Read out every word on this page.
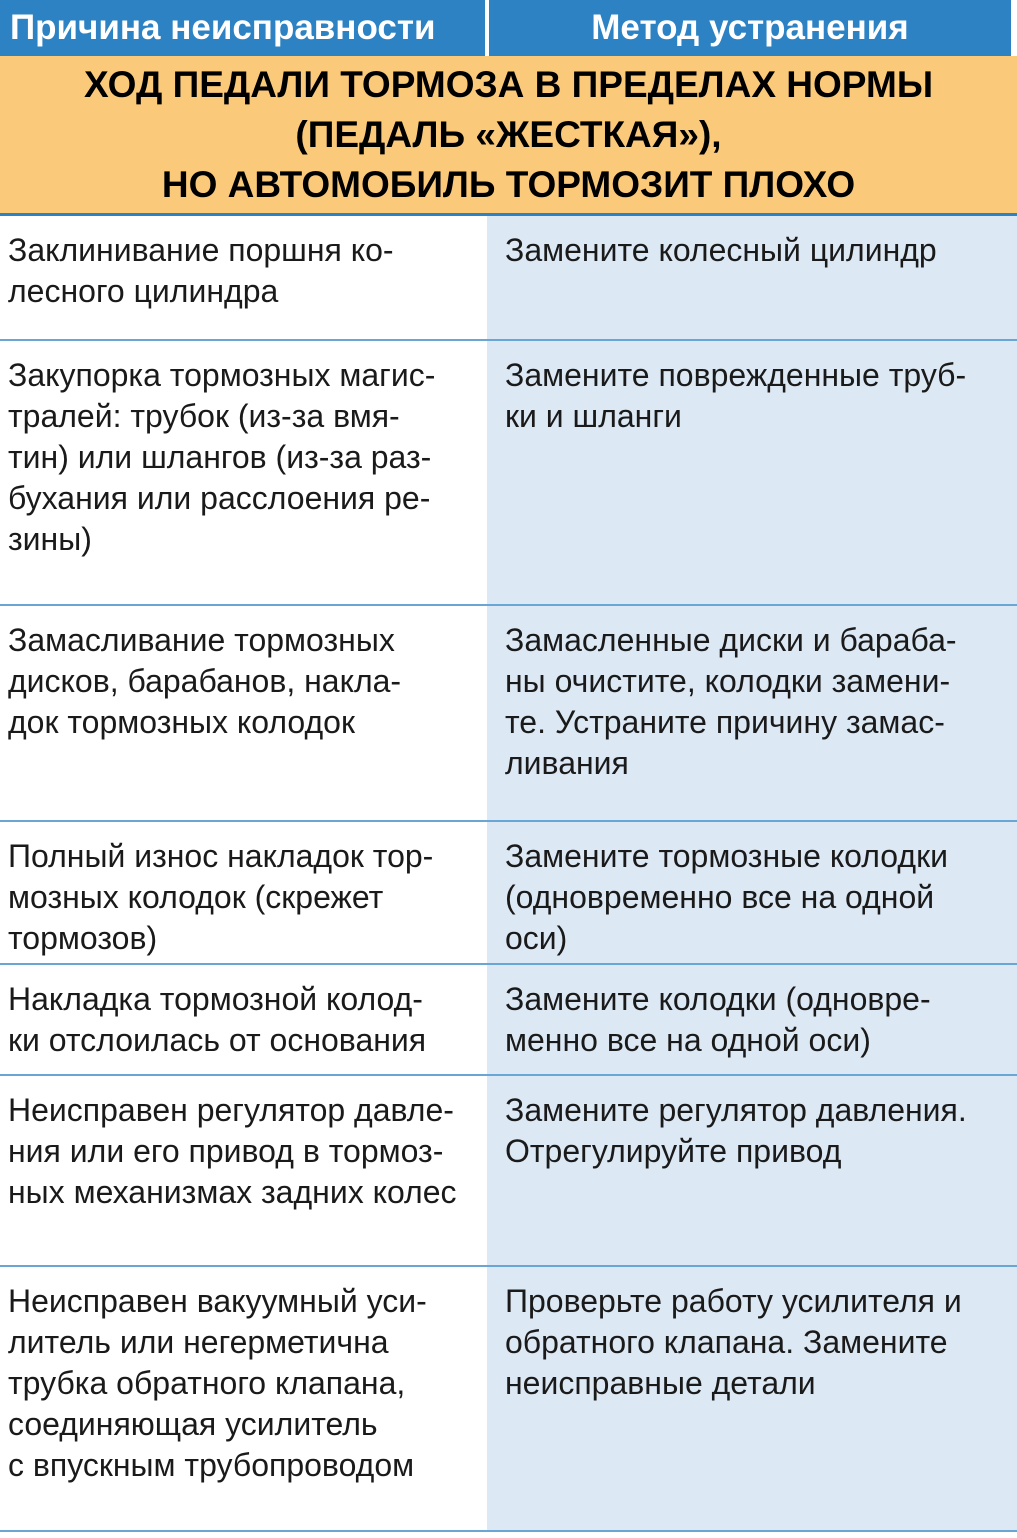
Причина неисправности	Метод устранения
ХОД ПЕДАЛИ ТОРМОЗА В ПРЕДЕЛАХ НОРМЫ
(ПЕДАЛЬ «ЖЕСТКАЯ»),
НО АВТОМОБИЛЬ ТОРМОЗИТ ПЛОХО
Заклинивание поршня ко-
лесного цилиндра
Замените колесный цилиндр
Закупорка тормозных магис-
тралей: трубок (из-за вмя-
тин) или шлангов (из-за раз-
бухания или расслоения ре-
зины)
Замените поврежденные труб-
ки и шланги
Замасливание тормозных
дисков, барабанов, накла-
док тормозных колодок
Замасленные диски и бараба-
ны очистите, колодки замени-
те. Устраните причину замас-
ливания
Полный износ накладок тор-
мозных колодок (скрежет
тормозов)
Замените тормозные колодки
(одновременно все на одной
оси)
Накладка тормозной колод-
ки отслоилась от основания
Замените колодки (одновре-
менно все на одной оси)
Неисправен регулятор давле-
ния или его привод в тормоз-
ных механизмах задних колес
Замените регулятор давления.
Отрегулируйте привод
Неисправен вакуумный уси-
литель или негерметична
трубка обратного клапана,
соединяющая усилитель
с впускным трубопроводом
Проверьте работу усилителя и
обратного клапана. Замените
неисправные детали
